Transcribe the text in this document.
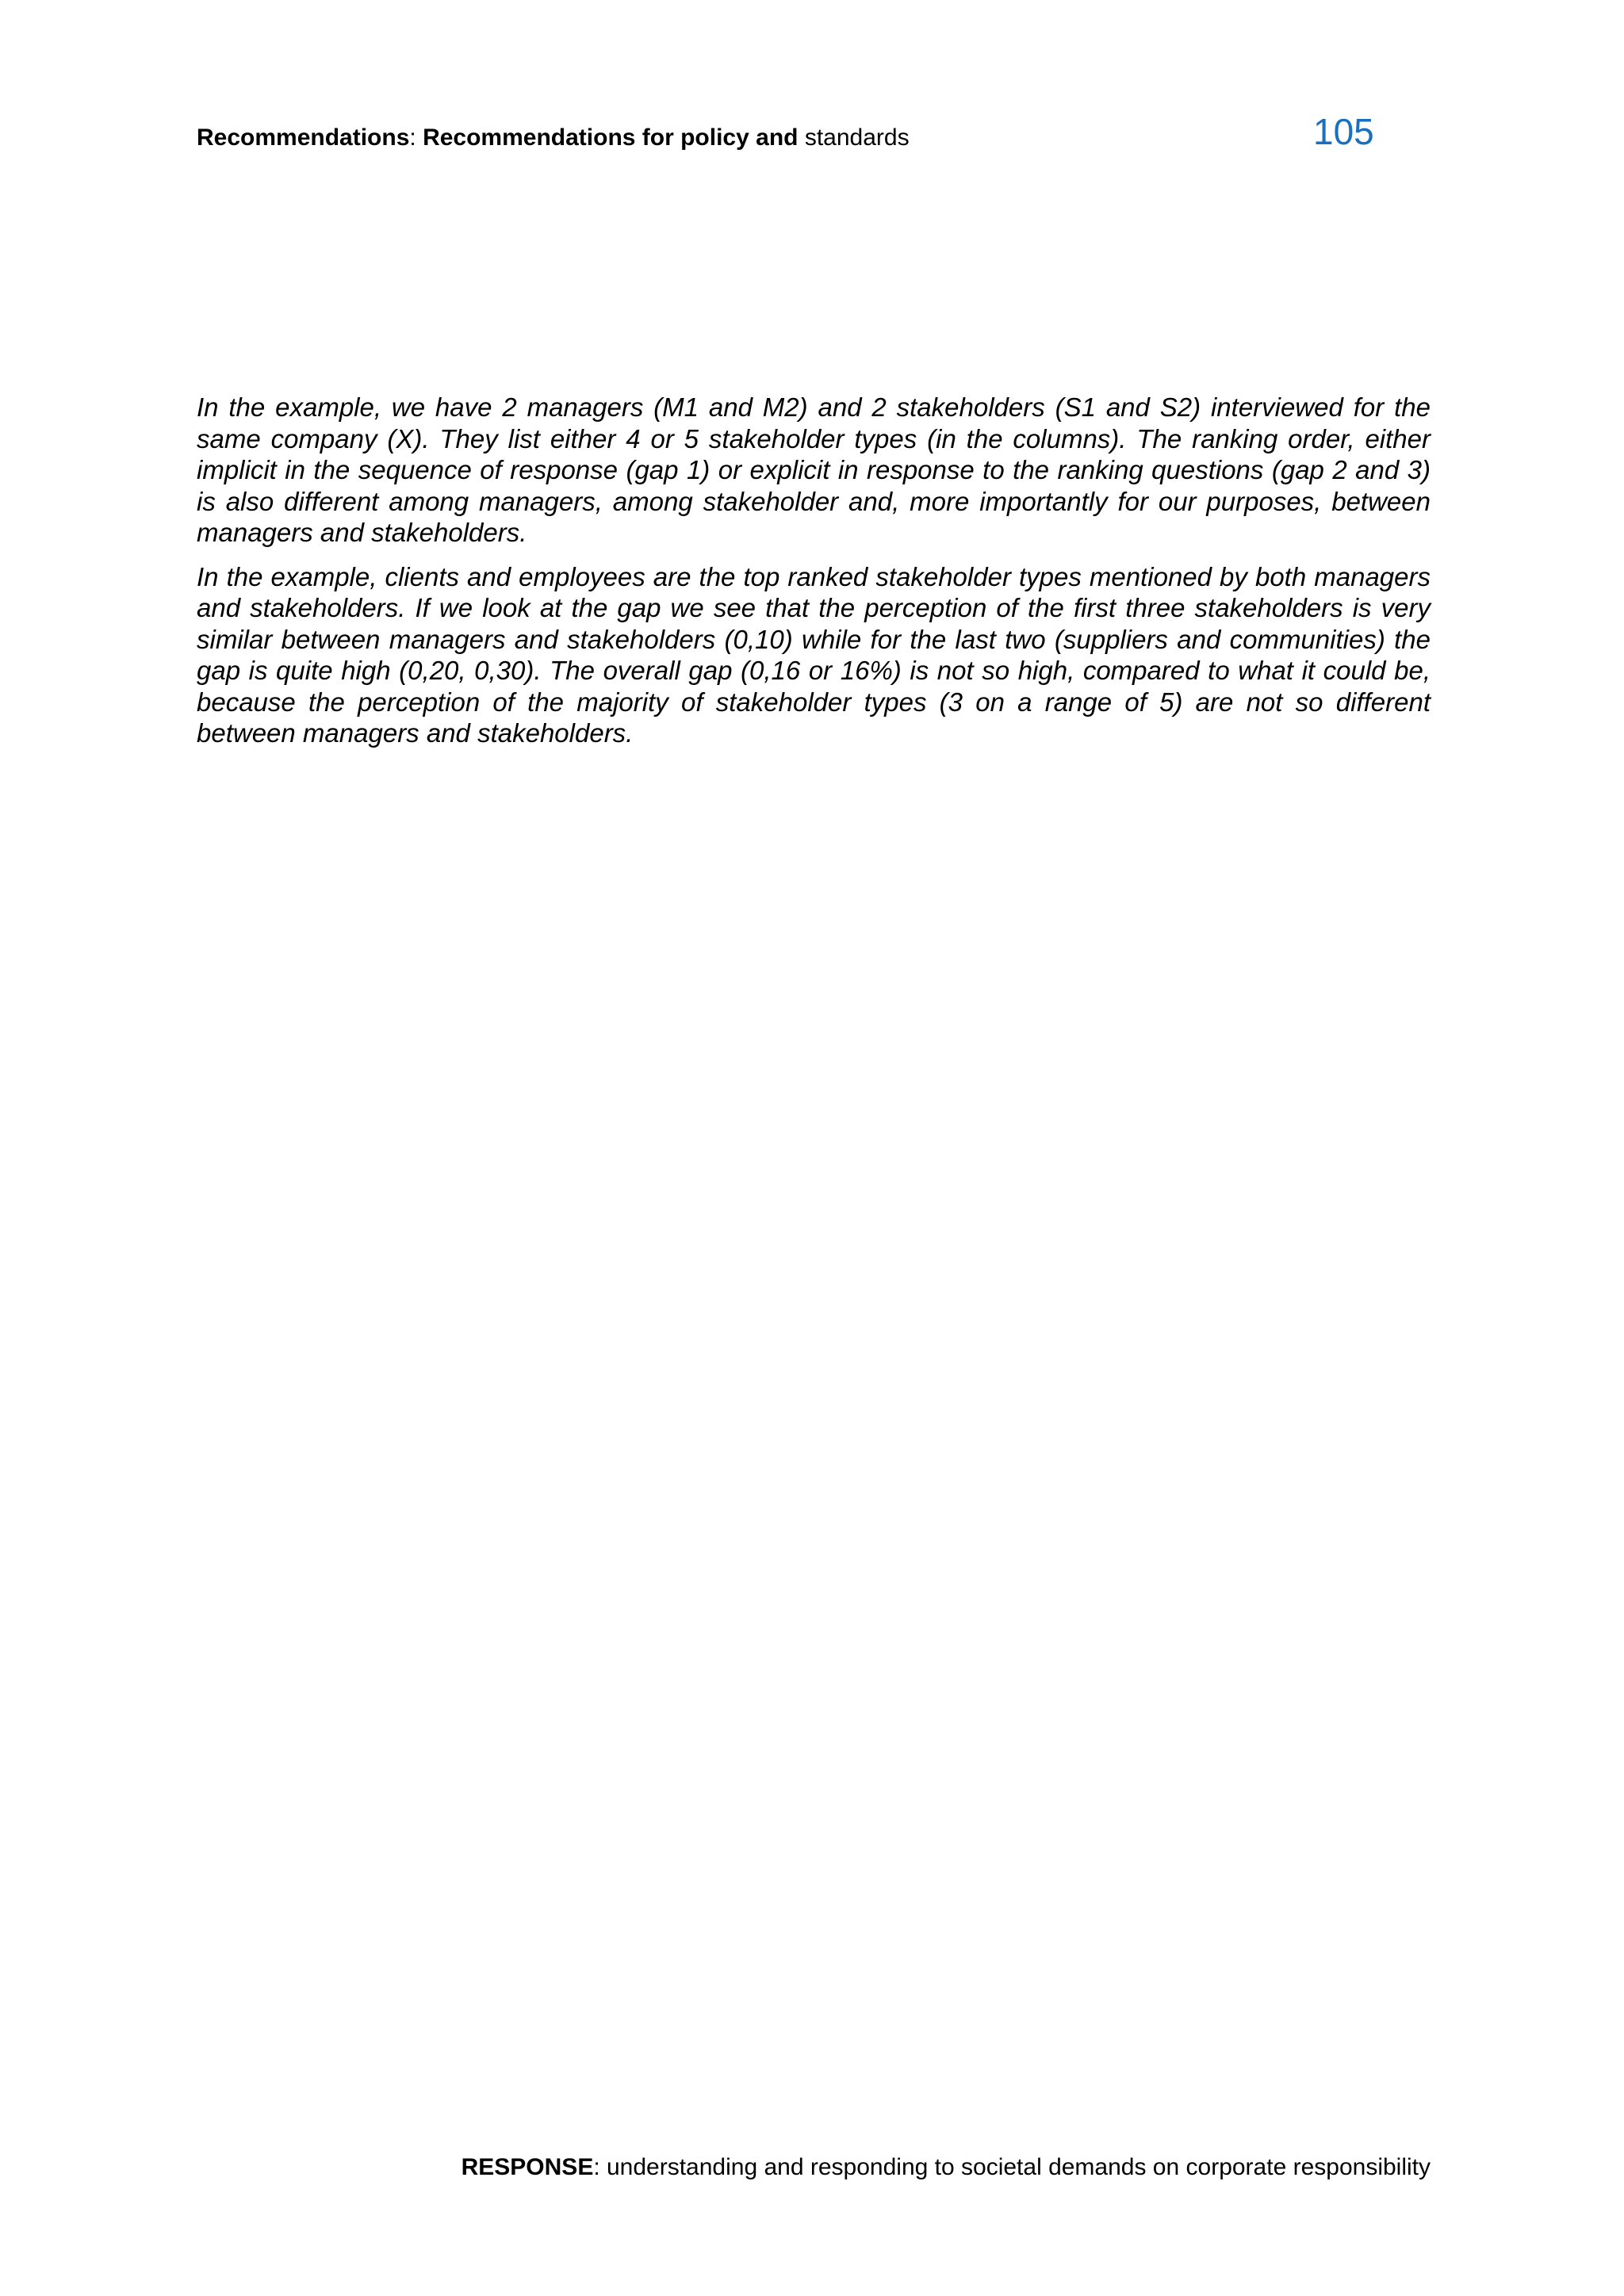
Recommendations: Recommendations for policy and standards	105

In the example, we have 2 managers (M1 and M2) and 2 stakeholders (S1 and S2) interviewed for the same company (X). They list either 4 or 5 stakeholder types (in the columns). The ranking order, either implicit in the sequence of response (gap 1) or explicit in response to the ranking questions (gap 2 and 3) is also different among managers, among stakeholder and, more importantly for our purposes, between managers and stakeholders.

In the example, clients and employees are the top ranked stakeholder types mentioned by both managers and stakeholders. If we look at the gap we see that the perception of the first three stakeholders is very similar between managers and stakeholders (0,10) while for the last two (suppliers and communities) the gap is quite high (0,20, 0,30). The overall gap (0,16 or 16%) is not so high, compared to what it could be, because the perception of the majority of stakeholder types (3 on a range of 5) are not so different between managers and stakeholders.

RESPONSE: understanding and responding to societal demands on corporate responsibility
